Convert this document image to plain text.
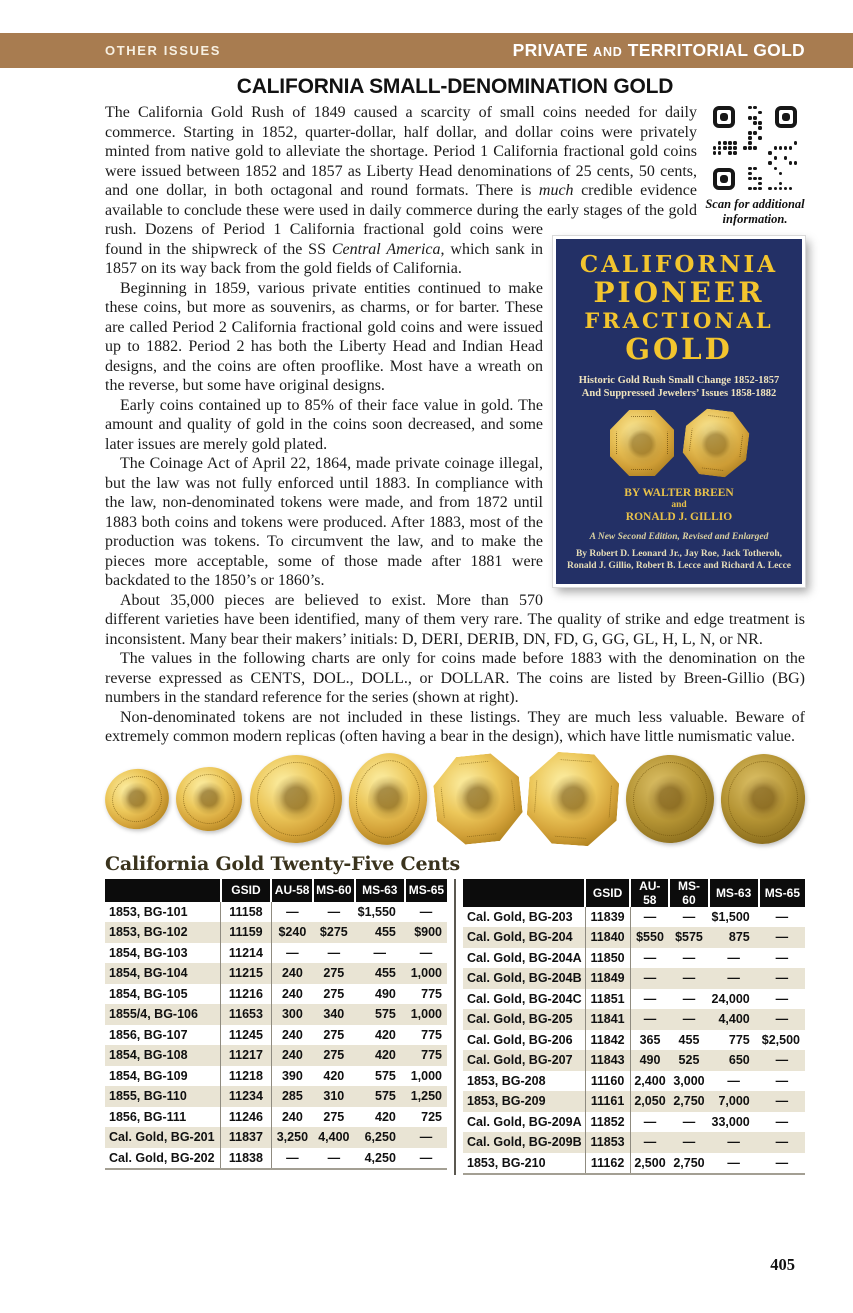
OTHER ISSUES	PRIVATE AND TERRITORIAL GOLD
CALIFORNIA SMALL-DENOMINATION GOLD
Scan for additional information.
CALIFORNIA
PIONEER
FRACTIONAL
GOLD
Historic Gold Rush Small Change 1852-1857
And Suppressed Jewelers’ Issues 1858-1882
BY WALTER BREEN
and
RONALD J. GILLIO
A New Second Edition, Revised and Enlarged
By Robert D. Leonard Jr., Jay Roe, Jack Totheroh,
Ronald J. Gillio, Robert B. Lecce and Richard A. Lecce

The California Gold Rush of 1849 caused a scarcity of small coins needed for daily commerce. Starting in 1852, quarter-dollar, half dollar, and dollar coins were privately minted from native gold to alleviate the shortage. Period 1 California fractional gold coins were issued between 1852 and 1857 as Liberty Head denominations of 25 cents, 50 cents, and one dollar, in both octagonal and round formats. There is much credible evidence available to conclude these were used in daily commerce during the early stages of the gold rush. Dozens of Period 1 California fractional gold coins were found in the shipwreck of the SS Central America, which sank in 1857 on its way back from the gold fields of California.

Beginning in 1859, various private entities continued to make these coins, but more as souvenirs, as charms, or for barter. These are called Period 2 California fractional gold coins and were issued up to 1882. Period 2 has both the Liberty Head and Indian Head designs, and the coins are often prooflike. Most have a wreath on the reverse, but some have original designs.

Early coins contained up to 85% of their face value in gold. The amount and quality of gold in the coins soon decreased, and some later issues are merely gold plated.

The Coinage Act of April 22, 1864, made private coinage illegal, but the law was not fully enforced until 1883. In compliance with the law, non-denominated tokens were made, and from 1872 until 1883 both coins and tokens were produced. After 1883, most of the production was tokens. To circumvent the law, and to make the pieces more acceptable, some of those made after 1881 were backdated to the 1850’s or 1860’s.

About 35,000 pieces are believed to exist. More than 570 different varieties have been identified, many of them very rare. The quality of strike and edge treatment is inconsistent. Many bear their makers’ initials: D, DERI, DERIB, DN, FD, G, GG, GL, H, L, N, or NR.

The values in the following charts are only for coins made before 1883 with the denomination on the reverse expressed as CENTS, DOL., DOLL., or DOLLAR. The coins are listed by Breen-Gillio (BG) numbers in the standard reference for the series (shown at right).

Non-denominated tokens are not included in these listings. They are much less valuable. Beware of extremely common modern replicas (often having a bear in the design), which have little numismatic value.

California Gold Twenty-Five Cents
	GSID	AU-58	MS-60	MS-63	MS-65
1853, BG-101	11158	—	—	$1,550	—
1853, BG-102	11159	$240	$275	455	$900
1854, BG-103	11214	—	—	—	—
1854, BG-104	11215	240	275	455	1,000
1854, BG-105	11216	240	275	490	775
1855/4, BG-106	11653	300	340	575	1,000
1856, BG-107	11245	240	275	420	775
1854, BG-108	11217	240	275	420	775
1854, BG-109	11218	390	420	575	1,000
1855, BG-110	11234	285	310	575	1,250
1856, BG-111	11246	240	275	420	725
Cal. Gold, BG-201	11837	3,250	4,400	6,250	—
Cal. Gold, BG-202	11838	—	—	4,250	—
	GSID	AU-58	MS-60	MS-63	MS-65
Cal. Gold, BG-203	11839	—	—	$1,500	—
Cal. Gold, BG-204	11840	$550	$575	875	—
Cal. Gold, BG-204A	11850	—	—	—	—
Cal. Gold, BG-204B	11849	—	—	—	—
Cal. Gold, BG-204C	11851	—	—	24,000	—
Cal. Gold, BG-205	11841	—	—	4,400	—
Cal. Gold, BG-206	11842	365	455	775	$2,500
Cal. Gold, BG-207	11843	490	525	650	—
1853, BG-208	11160	2,400	3,000	—	—
1853, BG-209	11161	2,050	2,750	7,000	—
Cal. Gold, BG-209A	11852	—	—	33,000	—
Cal. Gold, BG-209B	11853	—	—	—	—
1853, BG-210	11162	2,500	2,750	—	—
405
